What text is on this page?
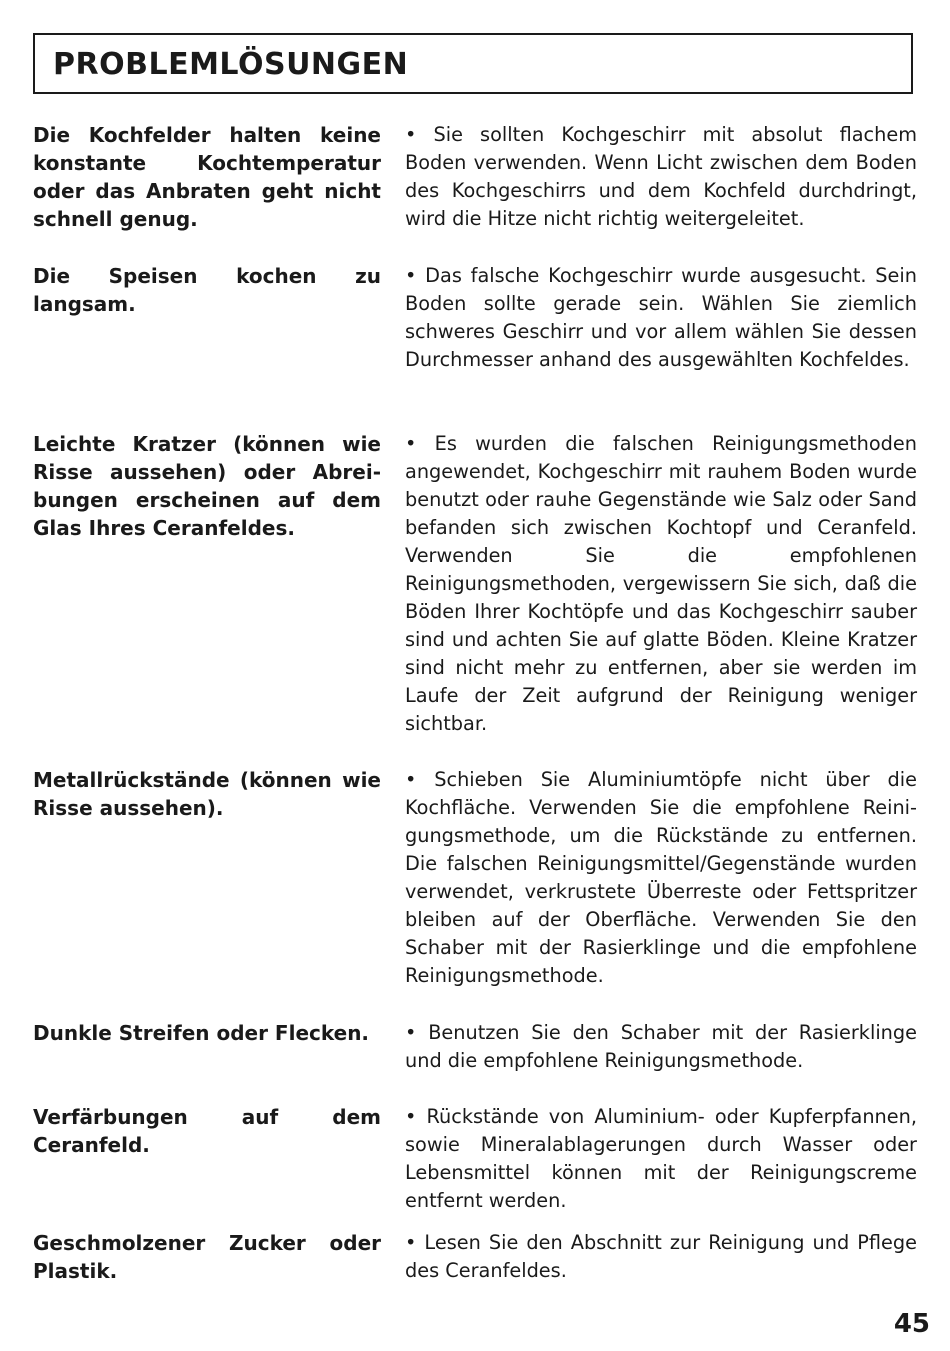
PROBLEMLÖSUNGEN
Die Kochfelder halten keine konstante Kochtemperatur oder das Anbraten geht nicht schnell genug.
• Sie sollten Kochgeschirr mit absolut flachem Boden verwenden. Wenn Licht zwischen dem Boden des Kochgeschirrs und dem Kochfeld durchdringt, wird die Hitze nicht richtig weitergeleitet.
Die Speisen kochen zu langsam.
• Das falsche Kochgeschirr wurde ausgesucht. Sein Boden sollte gerade sein. Wählen Sie ziemlich schweres Geschirr und vor allem wählen Sie dessen Durchmesser anhand des ausgewählten Kochfeldes.
Leichte Kratzer (können wie Risse aussehen) oder Abrei-bungen erscheinen auf dem Glas Ihres Ceranfeldes.
• Es wurden die falschen Reinigungsmethoden angewendet, Kochgeschirr mit rauhem Boden wurde benutzt oder rauhe Gegenstände wie Salz oder Sand befanden sich zwischen Kochtopf und Ceranfeld. Verwenden Sie die empfohlenen Reinigungsmethoden, vergewissern Sie sich, daß die Böden Ihrer Kochtöpfe und das Kochgeschirr sauber sind und achten Sie auf glatte Böden. Kleine Kratzer sind nicht mehr zu entfernen, aber sie werden im Laufe der Zeit aufgrund der Reinigung weniger sichtbar.
Metallrückstände (können wie Risse aussehen).
• Schieben Sie Aluminiumtöpfe nicht über die Kochfläche. Verwenden Sie die empfohlene Reini-gungsmethode, um die Rückstände zu entfernen. Die falschen Reinigungsmittel/Gegenstände wurden verwendet, verkrustete Überreste oder Fettspritzer bleiben auf der Oberfläche. Verwenden Sie den Schaber mit der Rasierklinge und die empfohlene Reinigungsmethode.
Dunkle Streifen oder Flecken.	• Benutzen Sie den Schaber mit der Rasierklinge und die empfohlene Reinigungsmethode.
Verfärbungen auf dem Ceranfeld.
• Rückstände von Aluminium- oder Kupferpfannen, sowie Mineralablagerungen durch Wasser oder Lebensmittel können mit der Reinigungscreme entfernt werden.
Geschmolzener Zucker oder Plastik.
• Lesen Sie den Abschnitt zur Reinigung und Pflege des Ceranfeldes.
45
